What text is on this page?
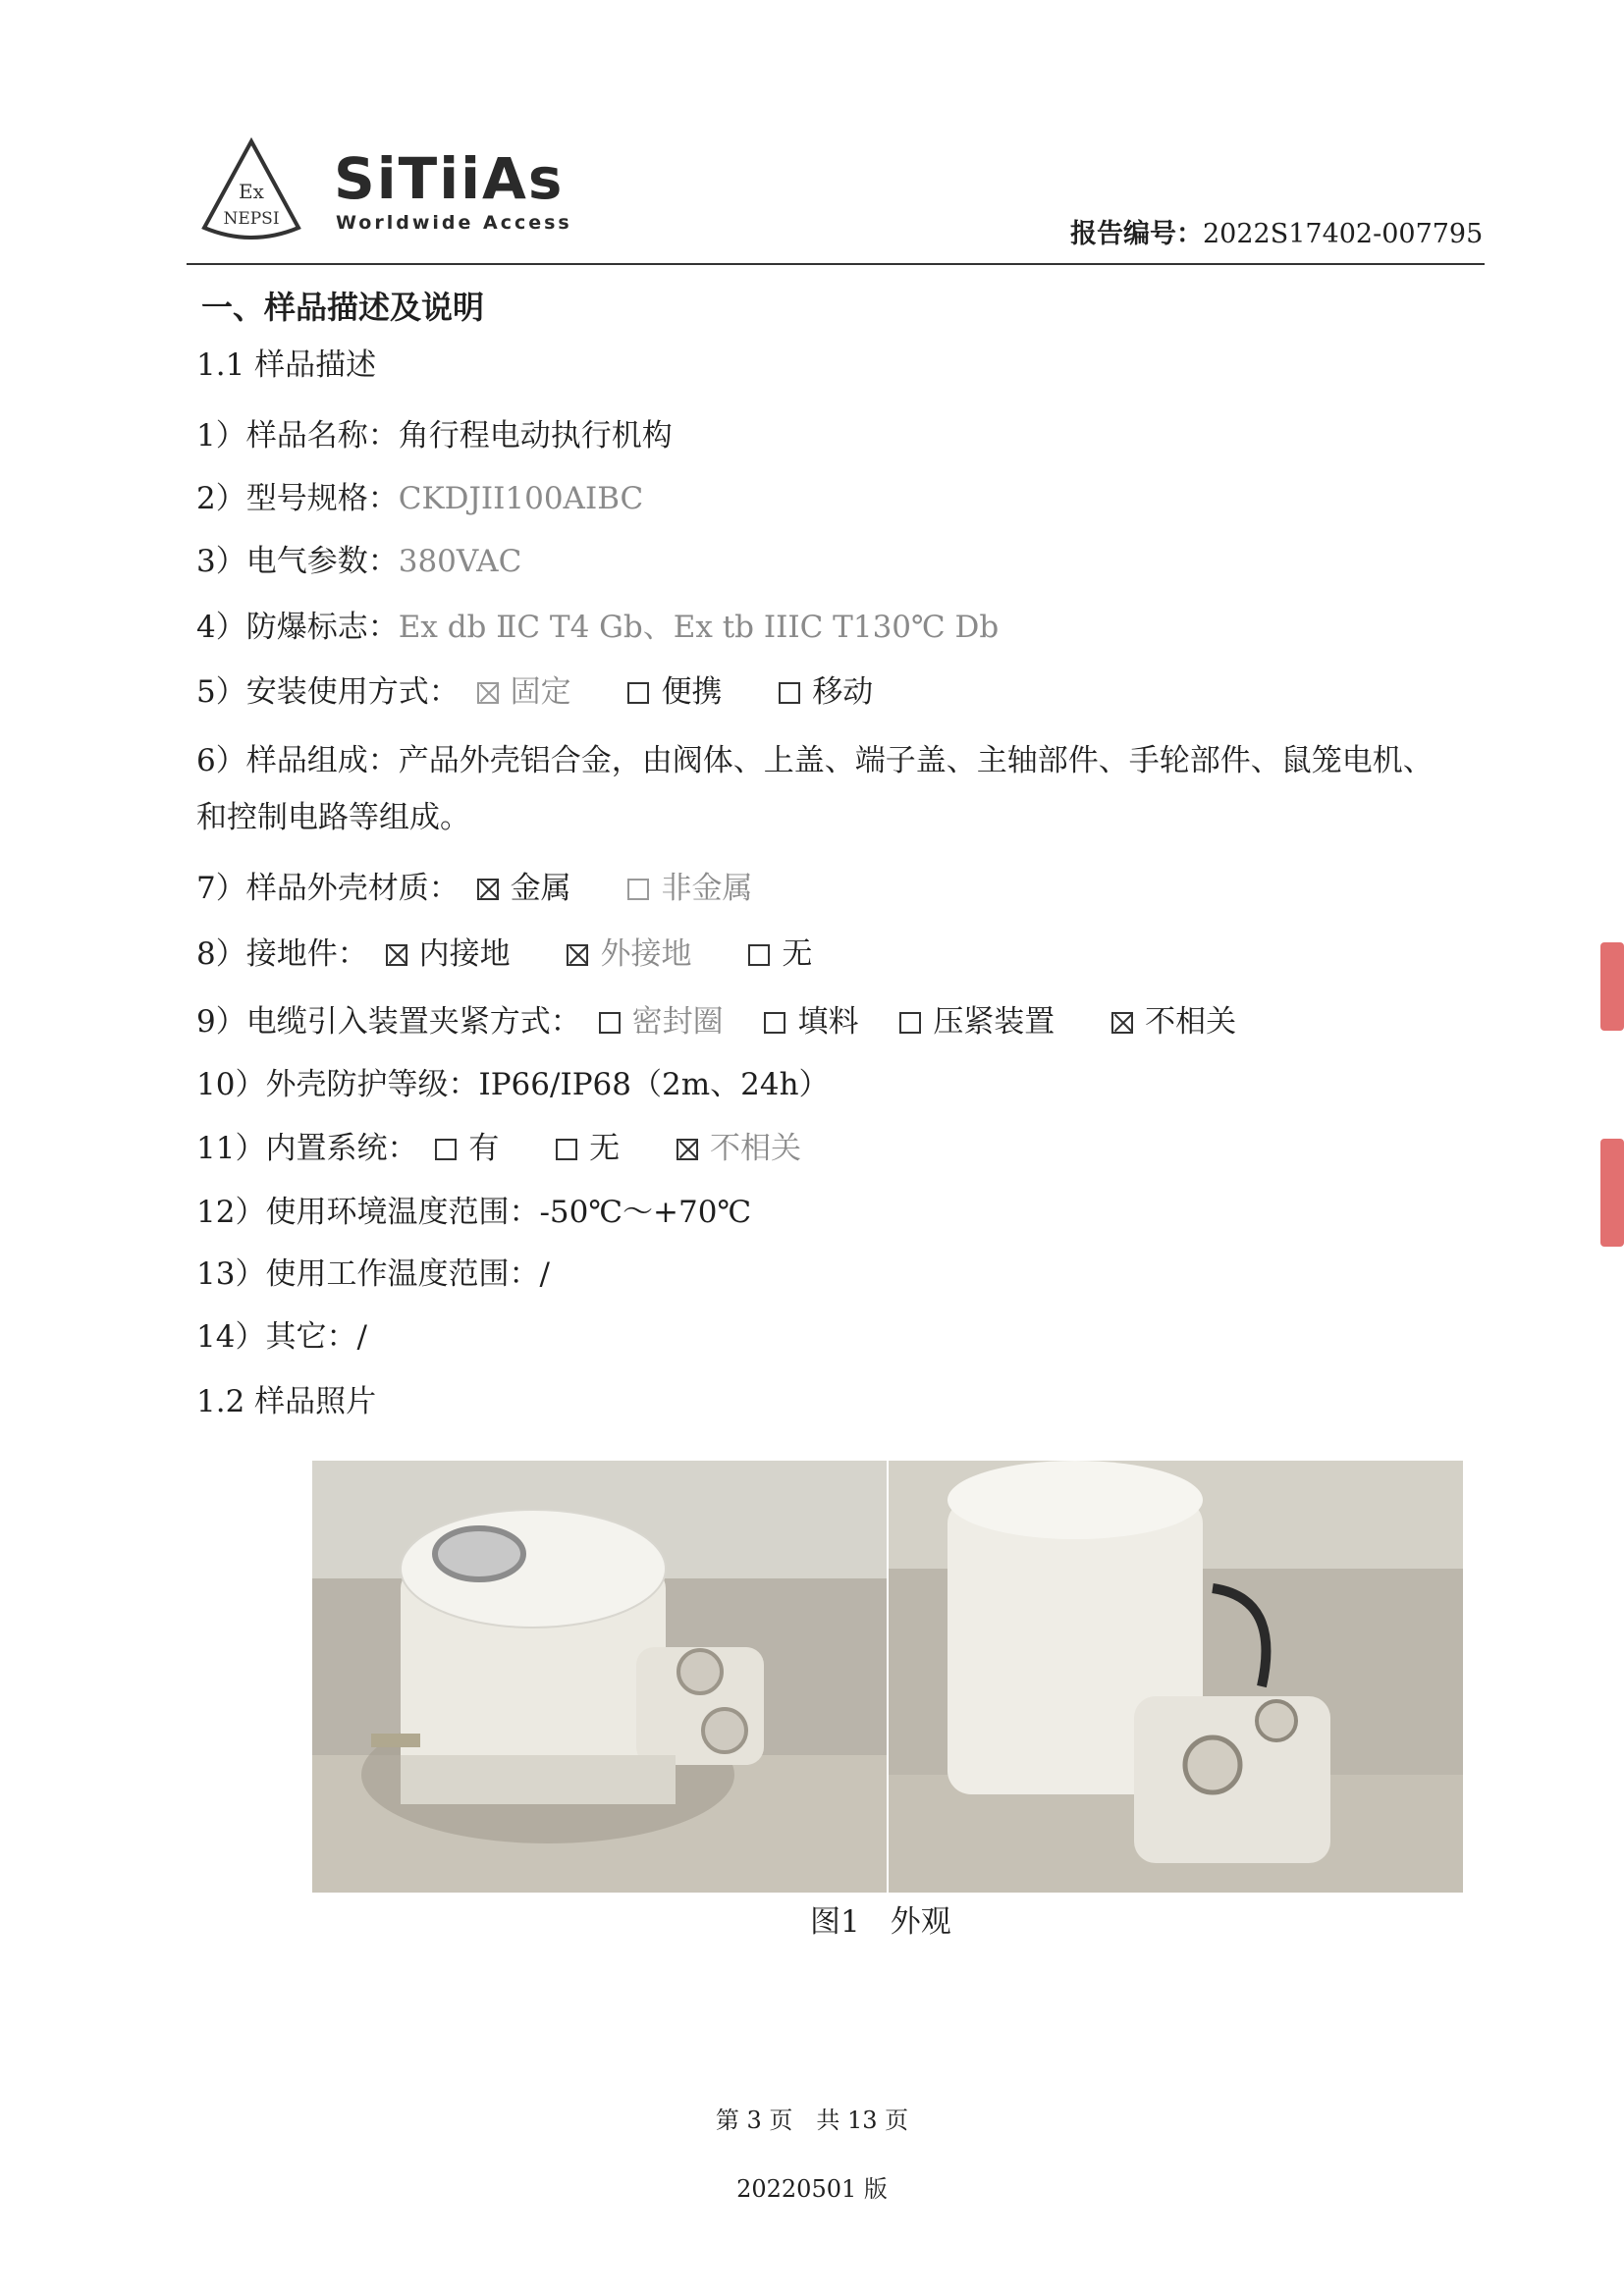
Ex
NEPSI
SiTiiAs
Worldwide Access	报告编号：2022S17402-007795
一、样品描述及说明
1.1 样品描述
1）样品名称：角行程电动执行机构
2）型号规格：CKDJII100AIBC
3）电气参数：380VAC
4）防爆标志：Ex db ⅡC T4 Gb、Ex tb IIIC T130℃ Db
5）安装使用方式： 固定	便携	移动
6）样品组成：产品外壳铝合金，由阀体、上盖、端子盖、主轴部件、手轮部件、鼠笼电机、
和控制电路等组成。
7）样品外壳材质： 金属	非金属
8）接地件： 内接地	外接地	无
9）电缆引入装置夹紧方式： 密封圈 填料 压紧装置	不相关
10）外壳防护等级：IP66/IP68（2m、24h）
11）内置系统： 有	无	不相关
12）使用环境温度范围：-50℃～+70℃
13）使用工作温度范围：/
14）其它：/
1.2 样品照片
图1　外观
第 3 页　共 13 页
20220501 版
